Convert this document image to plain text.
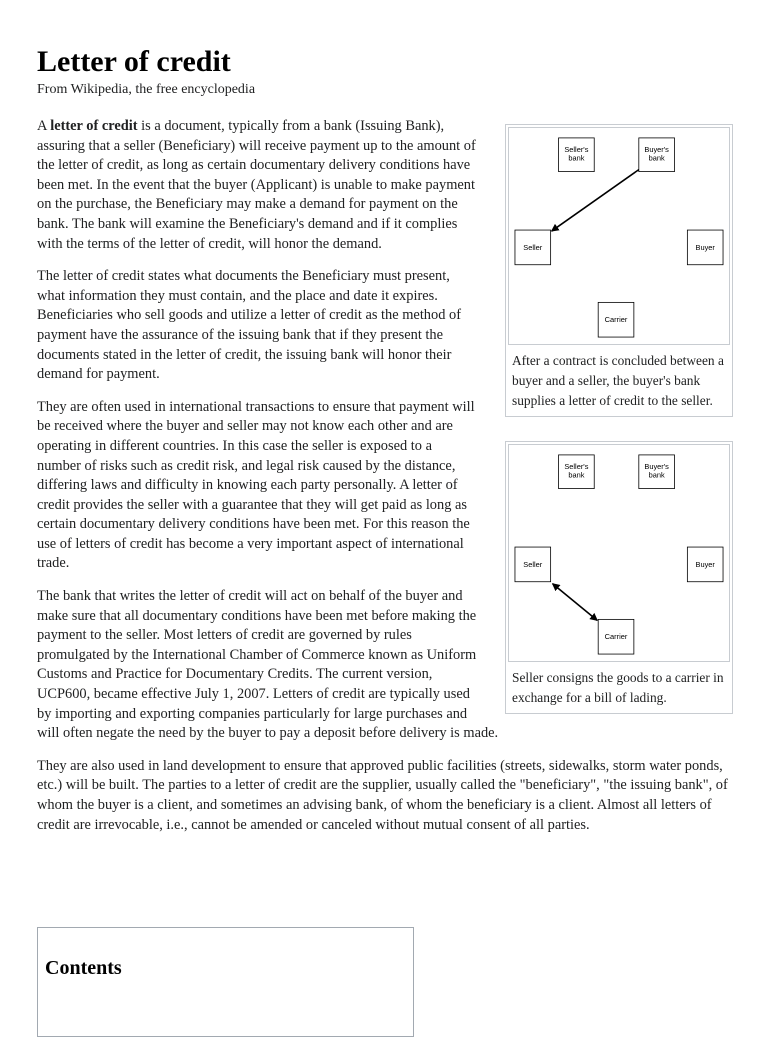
Letter of credit
From Wikipedia, the free encyclopedia
Seller's
bank
Buyer's
bank
Seller	Buyer
Carrier
After a contract is concluded between a buyer and a seller, the buyer's bank supplies a letter of credit to the seller.

A letter of credit is a document, typically from a bank (Issuing Bank), assuring that a seller (Beneficiary) will receive payment up to the amount of the letter of credit, as long as certain documentary delivery conditions have been met. In the event that the buyer (Applicant) is unable to make payment on the purchase, the Beneficiary may make a demand for payment on the bank. The bank will examine the Beneficiary's demand and if it complies with the terms of the letter of credit, will honor the demand.

The letter of credit states what documents the Beneficiary must present, what information they must contain, and the place and date it expires. Beneficiaries who sell goods and utilize a letter of credit as the method of payment have the assurance of the issuing bank that if they present the documents stated in the letter of credit, the issuing bank will honor their demand for payment.

Seller's
bank
Buyer's
bank
Seller	Buyer
Carrier
Seller consigns the goods to a carrier in exchange for a bill of lading.

They are often used in international transactions to ensure that payment will be received where the buyer and seller may not know each other and are operating in different countries. In this case the seller is exposed to a number of risks such as credit risk, and legal risk caused by the distance, differing laws and difficulty in knowing each party personally. A letter of credit provides the seller with a guarantee that they will get paid as long as certain documentary delivery conditions have been met. For this reason the use of letters of credit has become a very important aspect of international trade.

The bank that writes the letter of credit will act on behalf of the buyer and make sure that all documentary conditions have been met before making the payment to the seller. Most letters of credit are governed by rules promulgated by the International Chamber of Commerce known as Uniform Customs and Practice for Documentary Credits. The current version, UCP600, became effective July 1, 2007. Letters of credit are typically used by importing and exporting companies particularly for large purchases and will often negate the need by the buyer to pay a deposit before delivery is made.

They are also used in land development to ensure that approved public facilities (streets, sidewalks, storm water ponds, etc.) will be built. The parties to a letter of credit are the supplier, usually called the "beneficiary", "the issuing bank", of whom the buyer is a client, and sometimes an advising bank, of whom the beneficiary is a client. Almost all letters of credit are irrevocable, i.e., cannot be amended or canceled without mutual consent of all parties.

Contents
